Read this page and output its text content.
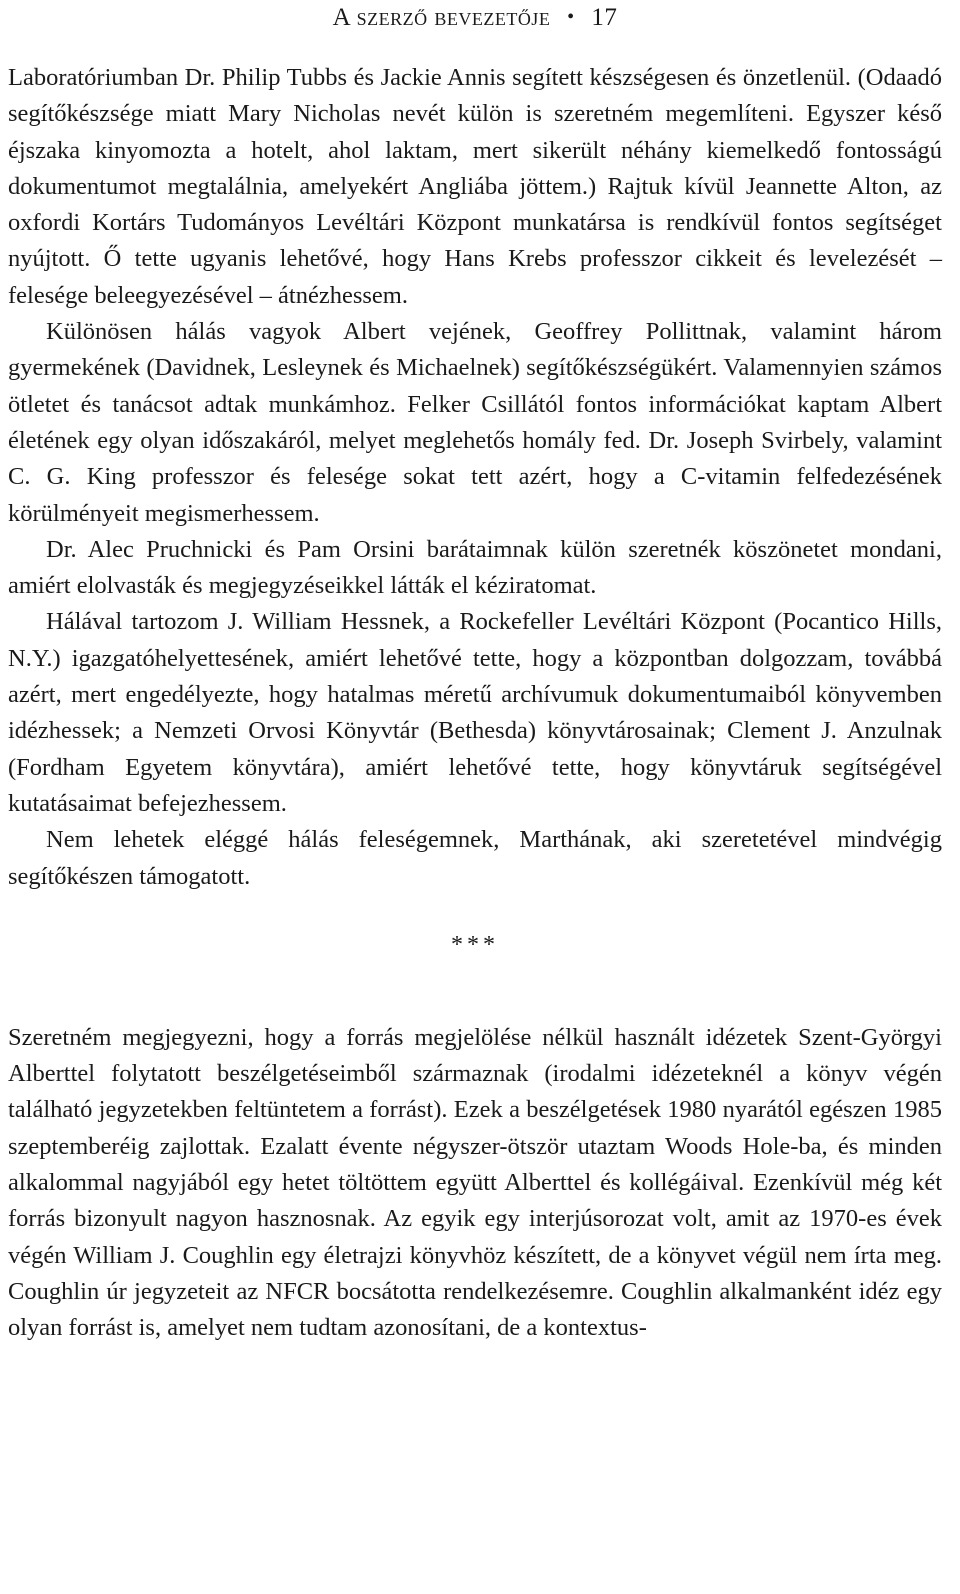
A szerző bevezetője • 17

Laboratóriumban Dr. Philip Tubbs és Jackie Annis segített készségesen és önzetlenül. (Odaadó segítőkészsége miatt Mary Nicholas nevét külön is szeretném megemlíteni. Egyszer késő éjszaka kinyomozta a hotelt, ahol laktam, mert sikerült néhány kiemelkedő fontosságú dokumentumot megtalálnia, amelyekért Angliába jöttem.) Rajtuk kívül Jeannette Alton, az oxfordi Kortárs Tudományos Levéltári Központ munkatársa is rendkívül fontos segítséget nyújtott. Ő tette ugyanis lehetővé, hogy Hans Krebs professzor cikkeit és levelezését – felesége beleegyezésével – átnézhessem.

Különösen hálás vagyok Albert vejének, Geoffrey Pollittnak, valamint három gyermekének (Davidnek, Lesleynek és Michaelnek) segítőkészségükért. Valamennyien számos ötletet és tanácsot adtak munkámhoz. Felker Csillától fontos információkat kaptam Albert életének egy olyan időszakáról, melyet meglehetős homály fed. Dr. Joseph Svirbely, valamint C. G. King professzor és felesége sokat tett azért, hogy a C-vitamin felfedezésének körülményeit megismerhessem.

Dr. Alec Pruchnicki és Pam Orsini barátaimnak külön szeretnék köszönetet mondani, amiért elolvasták és megjegyzéseikkel látták el kéziratomat.

Hálával tartozom J. William Hessnek, a Rockefeller Levéltári Központ (Pocantico Hills, N.Y.) igazgatóhelyettesének, amiért lehetővé tette, hogy a központban dolgozzam, továbbá azért, mert engedélyezte, hogy hatalmas méretű archívumuk dokumentumaiból könyvemben idézhessek; a Nemzeti Orvosi Könyvtár (Bethesda) könyvtárosainak; Clement J. Anzulnak (Fordham Egyetem könyvtára), amiért lehetővé tette, hogy könyvtáruk segítségével kutatásaimat befejezhessem.

Nem lehetek eléggé hálás feleségemnek, Marthának, aki szeretetével mindvégig segítőkészen támogatott.

***

Szeretném megjegyezni, hogy a forrás megjelölése nélkül használt idézetek Szent-Györgyi Alberttel folytatott beszélgetéseimből származnak (irodalmi idézeteknél a könyv végén található jegyzetekben feltüntetem a forrást). Ezek a beszélgetések 1980 nyarától egészen 1985 szeptemberéig zajlottak. Ezalatt évente négyszer-ötször utaztam Woods Hole-ba, és minden alkalommal nagyjából egy hetet töltöttem együtt Alberttel és kollégáival. Ezenkívül még két forrás bizonyult nagyon hasznosnak. Az egyik egy interjúsorozat volt, amit az 1970-es évek végén William J. Coughlin egy életrajzi könyvhöz készített, de a könyvet végül nem írta meg. Coughlin úr jegyzeteit az NFCR bocsátotta rendelkezésemre. Coughlin alkalmanként idéz egy olyan forrást is, amelyet nem tudtam azonosítani, de a kontextus-
